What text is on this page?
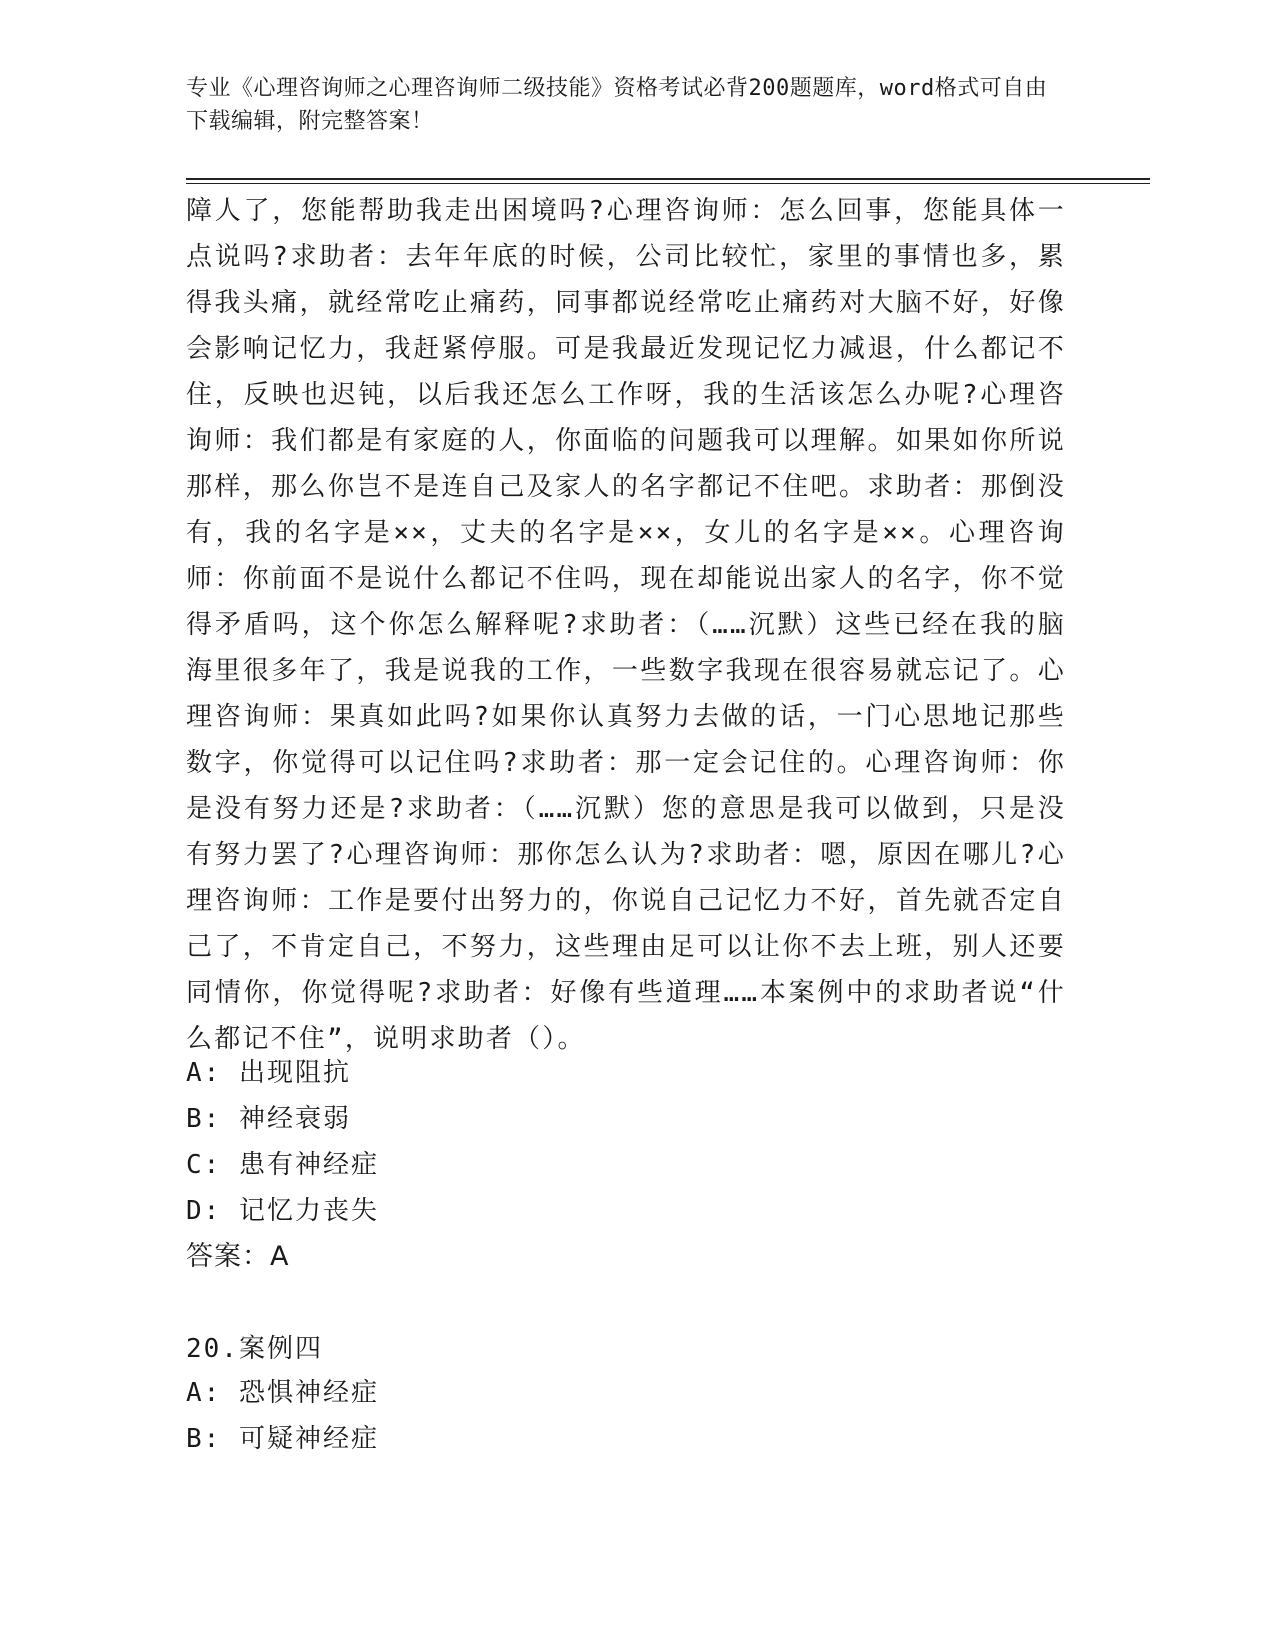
专业《心理咨询师之心理咨询师二级技能》资格考试必背200题题库，word格式可自由下载编辑，附完整答案！
障人了，您能帮助我走出困境吗?心理咨询师：怎么回事，您能具体一点说吗?求助者：去年年底的时候，公司比较忙，家里的事情也多，累得我头痛，就经常吃止痛药，同事都说经常吃止痛药对大脑不好，好像会影响记忆力，我赶紧停服。可是我最近发现记忆力减退，什么都记不住，反映也迟钝，以后我还怎么工作呀，我的生活该怎么办呢?心理咨询师：我们都是有家庭的人，你面临的问题我可以理解。如果如你所说那样，那么你岂不是连自己及家人的名字都记不住吧。求助者：那倒没有，我的名字是××，丈夫的名字是××，女儿的名字是××。心理咨询师：你前面不是说什么都记不住吗，现在却能说出家人的名字，你不觉得矛盾吗，这个你怎么解释呢?求助者：（……沉默）这些已经在我的脑海里很多年了，我是说我的工作，一些数字我现在很容易就忘记了。心理咨询师：果真如此吗?如果你认真努力去做的话，一门心思地记那些数字，你觉得可以记住吗?求助者：那一定会记住的。心理咨询师：你是没有努力还是?求助者：（……沉默）您的意思是我可以做到，只是没有努力罢了?心理咨询师：那你怎么认为?求助者：嗯，原因在哪儿?心理咨询师：工作是要付出努力的，你说自己记忆力不好，首先就否定自己了，不肯定自己，不努力，这些理由足可以让你不去上班，别人还要同情你，你觉得呢?求助者：好像有些道理……本案例中的求助者说“什么都记不住”，说明求助者（）。
A: 出现阻抗
B: 神经衰弱
C: 患有神经症
D: 记忆力丧失
答案：A
20.案例四
A: 恐惧神经症
B: 可疑神经症
